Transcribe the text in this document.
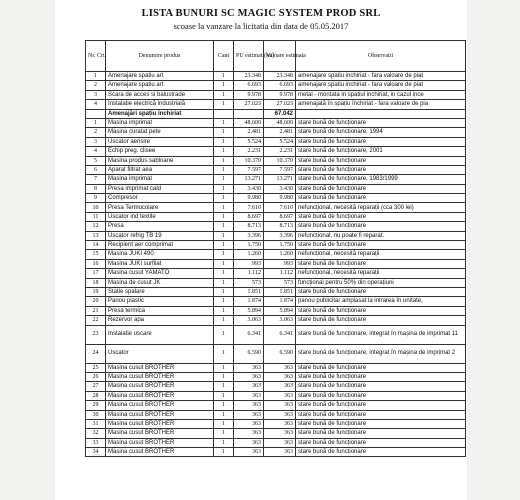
LISTA BUNURI SC MAGIC SYSTEM PROD SRL
scoase la vanzare la licitatia din data de 05.05.2017
Nr. Crt.	Denumire produs	Cant	PU estimat (lei)	Valoare estimata	Observatii
1	Amenajare spatiu art	1	23.348	23.348	amenajare spatiu inchiriat - fara valoare de piat
2	Amenajare spatiu art	1	6.693	6.693	amenajare spatiu inchiriat - fara valoare de piat
3	Scara de acces si balustrade	1	9.978	9.978	metal - montata in spatiul inchiriat, in cazul ince
4	Instalatie electrică industrială	1	27.023	27.023	amenajată în spațiu închiriat - fara valoare de pia
	Amenajări spațiu închiriat			67.042	
1	Masina imprimat	1	48.600	48.600	stare bună de funcționare
2	Masina curatat pete	1	2.481	2.481	stare bună de funcționare, 1994
3	Uscator aerisire	1	5.524	5.524	stare bună de funcționare
4	Echip preg. clisee	1	2.231	2.231	stare bună de funcționare, 2001
5	Masina produs sabloane	1	10.370	10.370	stare bună de funcționare
6	Aparat filtrat aea	1	7.597	7.597	stare bună de funcționare
7	Masina imprimat	1	13.271	13.271	stare bună de funcționare, 1983/1999
8	Presa imprimat cald	1	3.430	3.430	stare bună de funcționare
9	Compresor	1	9.980	9.980	stare bună de funcționare
10	Presa Termocolare	1	7.610	7.610	nefuncțional, necesită reparații (cca 300 lei)
11	Uscator ind textile	1	8.697	8.697	stare bună de funcționare
12	Presa	1	8.713	8.713	stare bună de funcționare
13	Uscator refrig TB 19	1	3.396	3.396	nefuncțional, nu poate fi reparat.
14	Recipient aer comprimat	1	1.750	1.750	stare bună de funcționare
15	Masina JUKI 490	1	1.260	1.260	nefuncțional, necesită reparații
16	Masina JUKI surfilat	1	993	993	stare bună de funcționare
17	Masina cusut YAMATO	1	1.112	1.112	nefuncțional, necesită reparații
18	Masina de cusut JK	1	573	573	funcțional pentru 50% din operațiuni
19	Statie spalare	1	1.851	1.851	stare bună de funcționare
20	Panou plastic	1	1.874	1.874	panou publicitar amplasat la intrarea în unitate,
21	Presa termica	1	5.894	5.894	stare bună de funcționare
22	Rezervor apa	1	3.063	3.063	stare bună de funcționare
23	Instalatie uscare	1	6.341	6.341	stare bună de funcționare, integrat în mașina de imprimat 11
24	Uscator	1	6.590	6.590	stare bună de funcționare, integrat în mașina de imprimat 2
25	Masina cusut BROTHER	1	363	363	stare bună de funcționare
26	Masina cusut BROTHER	1	363	363	stare bună de funcționare
27	Masina cusut BROTHER	1	363	363	stare bună de funcționare
28	Masina cusut BROTHER	1	363	363	stare bună de funcționare
29	Masina cusut BROTHER	1	363	363	stare bună de funcționare
30	Masina cusut BROTHER	1	363	363	stare bună de funcționare
31	Masina cusut BROTHER	1	363	363	stare bună de funcționare
32	Masina cusut BROTHER	1	363	363	stare bună de funcționare
33	Masina cusut BROTHER	1	363	363	stare bună de funcționare
34	Masina cusut BROTHER	1	363	363	stare bună de funcționare
